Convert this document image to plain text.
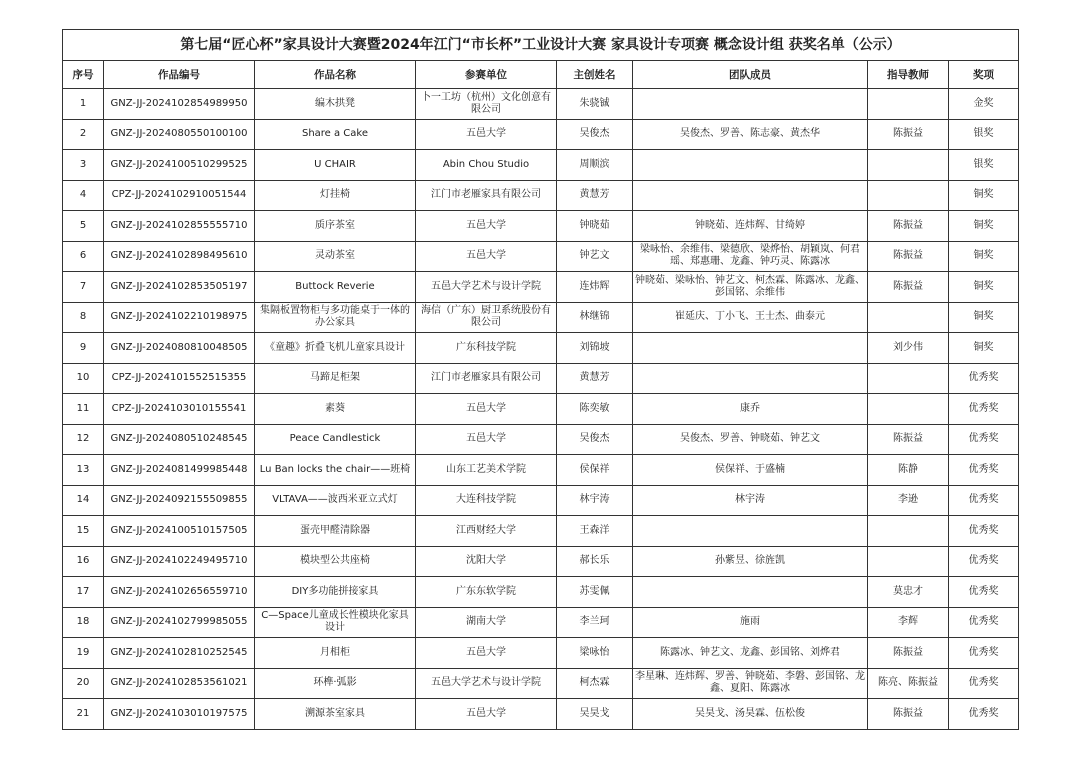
第七届“匠心杯”家具设计大赛暨2024年江门“市长杯”工业设计大赛 家具设计专项赛 概念设计组 获奖名单（公示）							
序号	作品编号	作品名称	参赛单位	主创姓名	团队成员	指导教师	奖项
1	GNZ-JJ-2024102854989950	编木拱凳	卜一工坊（杭州）文化创意有限公司	朱骁铖			金奖
2	GNZ-JJ-2024080550100100	Share a Cake	五邑大学	吴俊杰	吴俊杰、罗善、陈志豪、黄杰华	陈振益	银奖
3	GNZ-JJ-2024100510299525	U CHAIR	Abin Chou Studio	周顺滨			银奖
4	CPZ-JJ-2024102910051544	灯挂椅	江门市老雁家具有限公司	黄慧芳			铜奖
5	GNZ-JJ-2024102855555710	质序茶室	五邑大学	钟晓茹	钟晓茹、连炜辉、甘绮婷	陈振益	铜奖
6	GNZ-JJ-2024102898495610	灵动茶室	五邑大学	钟艺文	梁咏怡、余维伟、梁德欣、梁烨怡、胡颖岚、何君瑶、郑惠珊、龙鑫、钟巧灵、陈露冰	陈振益	铜奖
7	GNZ-JJ-2024102853505197	Buttock Reverie	五邑大学艺术与设计学院	连炜辉	钟晓茹、梁咏怡、钟艺文、柯杰霖、陈露冰、龙鑫、彭国铭、余维伟	陈振益	铜奖
8	GNZ-JJ-2024102210198975	集隔板置物柜与多功能桌于一体的办公家具	海信（广东）厨卫系统股份有限公司	林继锦	崔延庆、丁小飞、王士杰、曲泰元		铜奖
9	GNZ-JJ-2024080810048505	《童趣》折叠飞机儿童家具设计	广东科技学院	刘锦坡		刘少伟	铜奖
10	CPZ-JJ-2024101552515355	马蹄足柜架	江门市老雁家具有限公司	黄慧芳			优秀奖
11	CPZ-JJ-2024103010155541	素葵	五邑大学	陈奕敏	康乔		优秀奖
12	GNZ-JJ-2024080510248545	Peace Candlestick	五邑大学	吴俊杰	吴俊杰、罗善、钟晓茹、钟艺文	陈振益	优秀奖
13	GNZ-JJ-2024081499985448	Lu Ban locks the chair——班椅	山东工艺美术学院	侯保祥	侯保祥、于盛楠	陈静	优秀奖
14	GNZ-JJ-2024092155509855	VLTAVA——波西米亚立式灯	大连科技学院	林宇涛	林宇涛	李逊	优秀奖
15	GNZ-JJ-2024100510157505	蛋壳甲醛清除器	江西财经大学	王森洋			优秀奖
16	GNZ-JJ-2024102249495710	模块型公共座椅	沈阳大学	郝长乐	孙紫昱、徐旌凯		优秀奖
17	GNZ-JJ-2024102656559710	DIY多功能拼接家具	广东东软学院	苏雯佩		莫忠才	优秀奖
18	GNZ-JJ-2024102799985055	C—Space儿童成长性模块化家具设计	湖南大学	李兰珂	施雨	李辉	优秀奖
19	GNZ-JJ-2024102810252545	月相柜	五邑大学	梁咏怡	陈露冰、钟艺文、龙鑫、彭国铭、刘烨君	陈振益	优秀奖
20	GNZ-JJ-2024102853561021	环榫·弧影	五邑大学艺术与设计学院	柯杰霖	李星琳、连炜辉、罗善、钟晓茹、李磐、彭国铭、龙鑫、夏阳、陈露冰	陈亮、陈振益	优秀奖
21	GNZ-JJ-2024103010197575	溯源茶室家具	五邑大学	吴昊戈	吴昊戈、汤昊霖、伍松俊	陈振益	优秀奖
